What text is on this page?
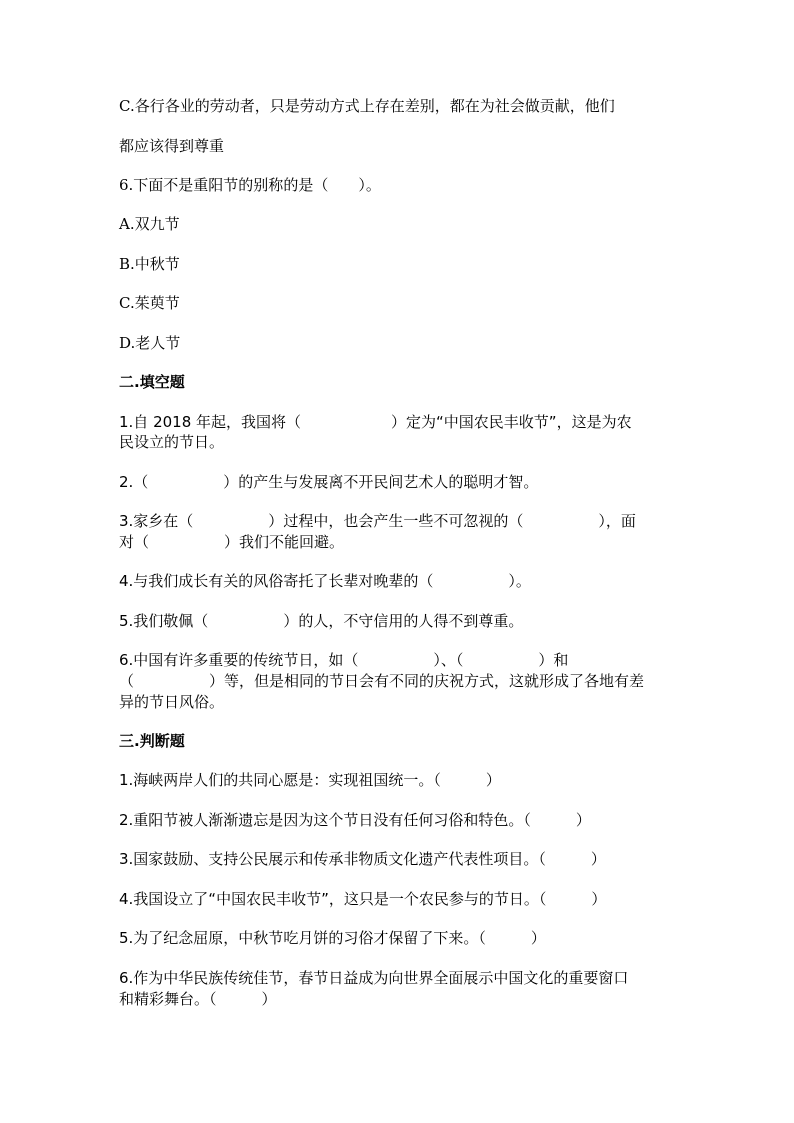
C.各行各业的劳动者，只是劳动方式上存在差别，都在为社会做贡献，他们
都应该得到尊重
6.下面不是重阳节的别称的是（　　）。
A.双九节
B.中秋节
C.茱萸节
D.老人节
二.填空题
1.自 2018 年起，我国将（　　　　　　）定为“中国农民丰收节”，这是为农
民设立的节日。
2.（　　　　　）的产生与发展离不开民间艺术人的聪明才智。
3.家乡在（　　　　　）过程中，也会产生一些不可忽视的（　　　　　），面
对（　　　　　）我们不能回避。
4.与我们成长有关的风俗寄托了长辈对晚辈的（　　　　　）。
5.我们敬佩（　　　　　）的人，不守信用的人得不到尊重。
6.中国有许多重要的传统节日，如（　　　　　）、（　　　　　）和
（　　　　　）等，但是相同的节日会有不同的庆祝方式，这就形成了各地有差
异的节日风俗。
三.判断题
1.海峡两岸人们的共同心愿是：实现祖国统一。（　　　）
2.重阳节被人渐渐遗忘是因为这个节日没有任何习俗和特色。（　　　）
3.国家鼓励、支持公民展示和传承非物质文化遗产代表性项目。（　　　）
4.我国设立了“中国农民丰收节”，这只是一个农民参与的节日。（　　　）
5.为了纪念屈原，中秋节吃月饼的习俗才保留了下来。（　　　）
6.作为中华民族传统佳节，春节日益成为向世界全面展示中国文化的重要窗口
和精彩舞台。（　　　）
